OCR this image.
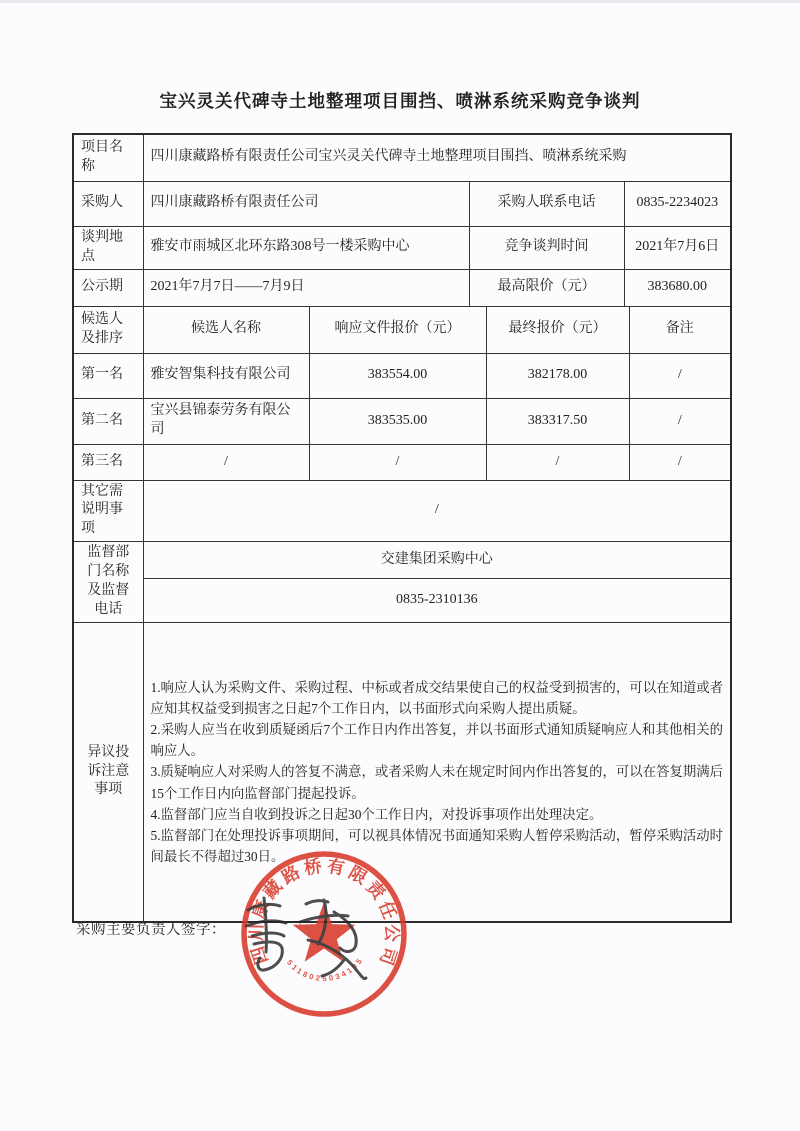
宝兴灵关代碑寺土地整理项目围挡、喷淋系统采购竞争谈判
项目名称	四川康藏路桥有限责任公司宝兴灵关代碑寺土地整理项目围挡、喷淋系统采购					
采购人	四川康藏路桥有限责任公司		采购人联系电话		0835-2234023	
谈判地点	雅安市雨城区北环东路308号一楼采购中心		竞争谈判时间		2021年7月6日	
公示期	2021年7月7日——7月9日		最高限价（元）		383680.00	
候选人及排序	候选人名称	响应文件报价（元）		最终报价（元）		备注
第一名	雅安智集科技有限公司	383554.00		382178.00		/
第二名	宝兴县锦泰劳务有限公司	383535.00		383317.50		/
第三名	/	/		/		/
其它需说明事项	/					
监督部门名称及监督电话	交建集团采购中心					
	0835-2310136					
异议投诉注意事项	1.响应人认为采购文件、采购过程、中标或者成交结果使自己的权益受到损害的，可以在知道或者应知其权益受到损害之日起7个工作日内，以书面形式向采购人提出质疑。
2.采购人应当在收到质疑函后7个工作日内作出答复，并以书面形式通知质疑响应人和其他相关的响应人。
3.质疑响应人对采购人的答复不满意，或者采购人未在规定时间内作出答复的，可以在答复期满后15个工作日内向监督部门提起投诉。
4.监督部门应当自收到投诉之日起30个工作日内，对投诉事项作出处理决定。
5.监督部门在处理投诉事项期间，可以视具体情况书面通知采购人暂停采购活动，暂停采购活动时间最长不得超过30日。					
采购主要负责人签字：
四川康藏路桥有限责任公司
5118025034105
